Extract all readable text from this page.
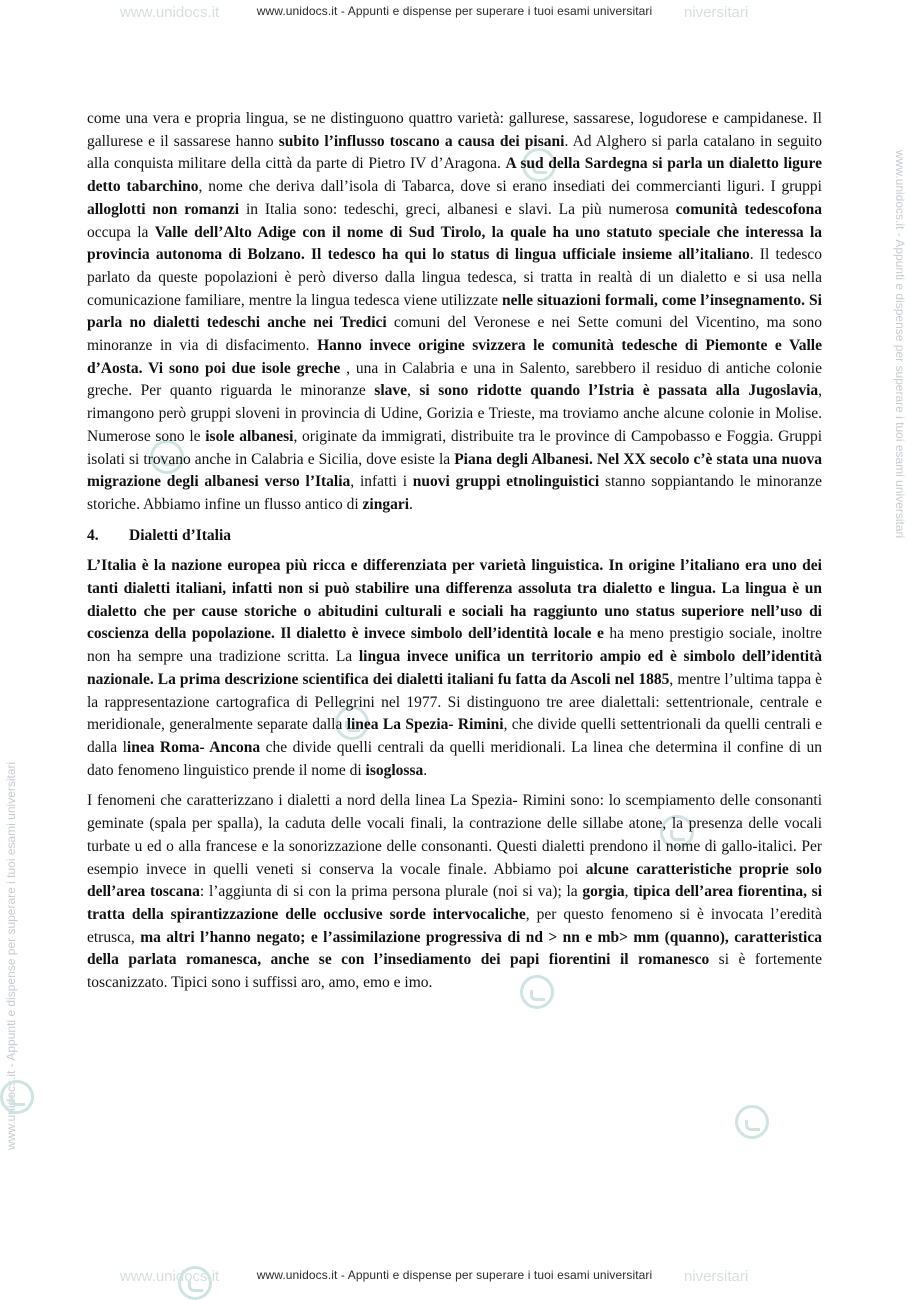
www.unidocs.it - Appunti e dispense per superare i tuoi esami universitari
www.unidocs.it - Appunti e dispense per superare i tuoi esami universitari
www.unidocs.it	niversitari
www.unidocs.it	niversitari
www.unidocs.it - Appunti e dispense per superare i tuoi esami universitari
www.unidocs.it - Appunti e dispense per superare i tuoi esami universitari

come una vera e propria lingua, se ne distinguono quattro varietà: gallurese, sassarese, logudorese e campidanese. Il gallurese e il sassarese hanno subito l’influsso toscano a causa dei pisani. Ad Alghero si parla catalano in seguito alla conquista militare della città da parte di Pietro IV d’Aragona. A sud della Sardegna si parla un dialetto ligure detto tabarchino, nome che deriva dall’isola di Tabarca, dove si erano insediati dei commercianti liguri. I gruppi alloglotti non romanzi in Italia sono: tedeschi, greci, albanesi e slavi. La più numerosa comunità tedescofona occupa la Valle dell’Alto Adige con il nome di Sud Tirolo, la quale ha uno statuto speciale che interessa la provincia autonoma di Bolzano. Il tedesco ha qui lo status di lingua ufficiale insieme all’italiano. Il tedesco parlato da queste popolazioni è però diverso dalla lingua tedesca, si tratta in realtà di un dialetto e si usa nella comunicazione familiare, mentre la lingua tedesca viene utilizzate nelle situazioni formali, come l’insegnamento. Si parla no dialetti tedeschi anche nei Tredici comuni del Veronese e nei Sette comuni del Vicentino, ma sono minoranze in via di disfacimento. Hanno invece origine svizzera le comunità tedesche di Piemonte e Valle d’Aosta. Vi sono poi due isole greche , una in Calabria e una in Salento, sarebbero il residuo di antiche colonie greche. Per quanto riguarda le minoranze slave, si sono ridotte quando l’Istria è passata alla Jugoslavia, rimangono però gruppi sloveni in provincia di Udine, Gorizia e Trieste, ma troviamo anche alcune colonie in Molise. Numerose sono le isole albanesi, originate da immigrati, distribuite tra le province di Campobasso e Foggia. Gruppi isolati si trovano anche in Calabria e Sicilia, dove esiste la Piana degli Albanesi. Nel XX secolo c’è stata una nuova migrazione degli albanesi verso l’Italia, infatti i nuovi gruppi etnolinguistici stanno soppiantando le minoranze storiche. Abbiamo infine un flusso antico di zingari.

4. Dialetti d’Italia

L’Italia è la nazione europea più ricca e differenziata per varietà linguistica. In origine l’italiano era uno dei tanti dialetti italiani, infatti non si può stabilire una differenza assoluta tra dialetto e lingua. La lingua è un dialetto che per cause storiche o abitudini culturali e sociali ha raggiunto uno status superiore nell’uso di coscienza della popolazione. Il dialetto è invece simbolo dell’identità locale e ha meno prestigio sociale, inoltre non ha sempre una tradizione scritta. La lingua invece unifica un territorio ampio ed è simbolo dell’identità nazionale. La prima descrizione scientifica dei dialetti italiani fu fatta da Ascoli nel 1885, mentre l’ultima tappa è la rappresentazione cartografica di Pellegrini nel 1977. Si distinguono tre aree dialettali: settentrionale, centrale e meridionale, generalmente separate dalla linea La Spezia- Rimini, che divide quelli settentrionali da quelli centrali e dalla linea Roma- Ancona che divide quelli centrali da quelli meridionali. La linea che determina il confine di un dato fenomeno linguistico prende il nome di isoglossa.

I fenomeni che caratterizzano i dialetti a nord della linea La Spezia- Rimini sono: lo scempiamento delle consonanti geminate (spala per spalla), la caduta delle vocali finali, la contrazione delle sillabe atone, la presenza delle vocali turbate u ed o alla francese e la sonorizzazione delle consonanti. Questi dialetti prendono il nome di gallo-italici. Per esempio invece in quelli veneti si conserva la vocale finale. Abbiamo poi alcune caratteristiche proprie solo dell’area toscana: l’aggiunta di si con la prima persona plurale (noi si va); la gorgia, tipica dell’area fiorentina, si tratta della spirantizzazione delle occlusive sorde intervocaliche, per questo fenomeno si è invocata l’eredità etrusca, ma altri l’hanno negato; e l’assimilazione progressiva di nd > nn e mb> mm (quanno), caratteristica della parlata romanesca, anche se con l’insediamento dei papi fiorentini il romanesco si è fortemente toscanizzato. Tipici sono i suffissi aro, amo, emo e imo.
